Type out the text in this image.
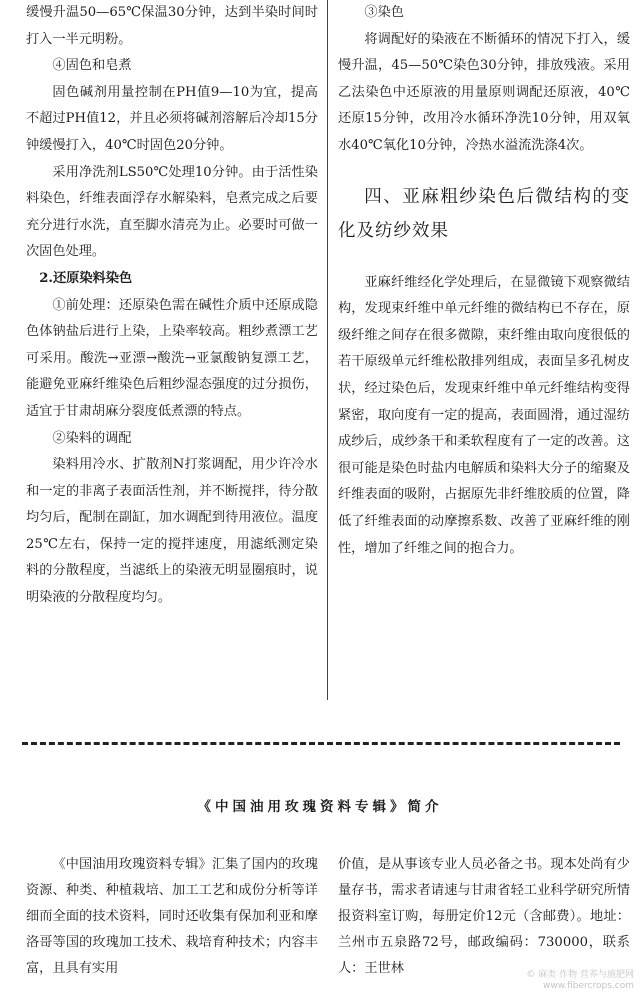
缓慢升温50—65℃保温30分钟，达到半染时间时打入一半元明粉。

④固色和皂煮

固色碱剂用量控制在PH值9—10为宜，提高不超过PH值12，并且必须将碱剂溶解后冷却15分钟缓慢打入，40℃时固色20分钟。

采用净洗剂LS50℃处理10分钟。由于活性染料染色，纤维表面浮存水解染料，皂煮完成之后要充分进行水洗，直至脚水清亮为止。必要时可做一次固色处理。

2.还原染料染色

①前处理：还原染色需在碱性介质中还原成隐色体钠盐后进行上染，上染率较高。粗纱煮漂工艺可采用。酸洗→亚漂→酸洗→亚氯酸钠复漂工艺，能避免亚麻纤维染色后粗纱湿态强度的过分损伤，适宜于甘肃胡麻分裂度低煮漂的特点。

②染料的调配

染料用冷水、扩散剂N打浆调配，用少许冷水和一定的非离子表面活性剂，并不断搅拌，待分散均匀后，配制在副缸，加水调配到待用液位。温度25℃左右，保持一定的搅拌速度，用滤纸测定染料的分散程度，当滤纸上的染液无明显圈痕时，说明染液的分散程度均匀。

③染色

将调配好的染液在不断循环的情况下打入，缓慢升温，45—50℃染色30分钟，排放残液。采用乙法染色中还原液的用量原则调配还原液，40℃还原15分钟，改用冷水循环净洗10分钟，用双氧水40℃氧化10分钟，冷热水溢流洗涤4次。

四、亚麻粗纱染色后微结构的变化及纺纱效果

亚麻纤维经化学处理后，在显微镜下观察微结构，发现束纤维中单元纤维的微结构已不存在，原级纤维之间存在很多微隙，束纤维由取向度很低的若干原级单元纤维松散排列组成，表面呈多孔树皮状，经过染色后，发现束纤维中单元纤维结构变得紧密，取向度有一定的提高，表面圆滑，通过湿纺成纱后，成纱条干和柔软程度有了一定的改善。这很可能是染色时盐内电解质和染料大分子的缩聚及纤维表面的吸附，占据原先非纤维胶质的位置，降低了纤维表面的动摩擦系数、改善了亚麻纤维的刚性，增加了纤维之间的抱合力。

《中国油用玫瑰资料专辑》简介

《中国油用玫瑰资料专辑》汇集了国内的玫瑰资源、种类、种植栽培、加工工艺和成份分析等详细而全面的技术资料，同时还收集有保加利亚和摩洛哥等国的玫瑰加工技术、栽培育种技术；内容丰富，且具有实用

价值，是从事该专业人员必备之书。现本处尚有少量存书，需求者请速与甘肃省轻工业科学研究所情报资料室订购，每册定价12元（含邮费）。地址：兰州市五泉路72号，邮政编码：730000，联系人：王世林	© 麻类 作物 营养与施肥网
www.fibercrops.com
